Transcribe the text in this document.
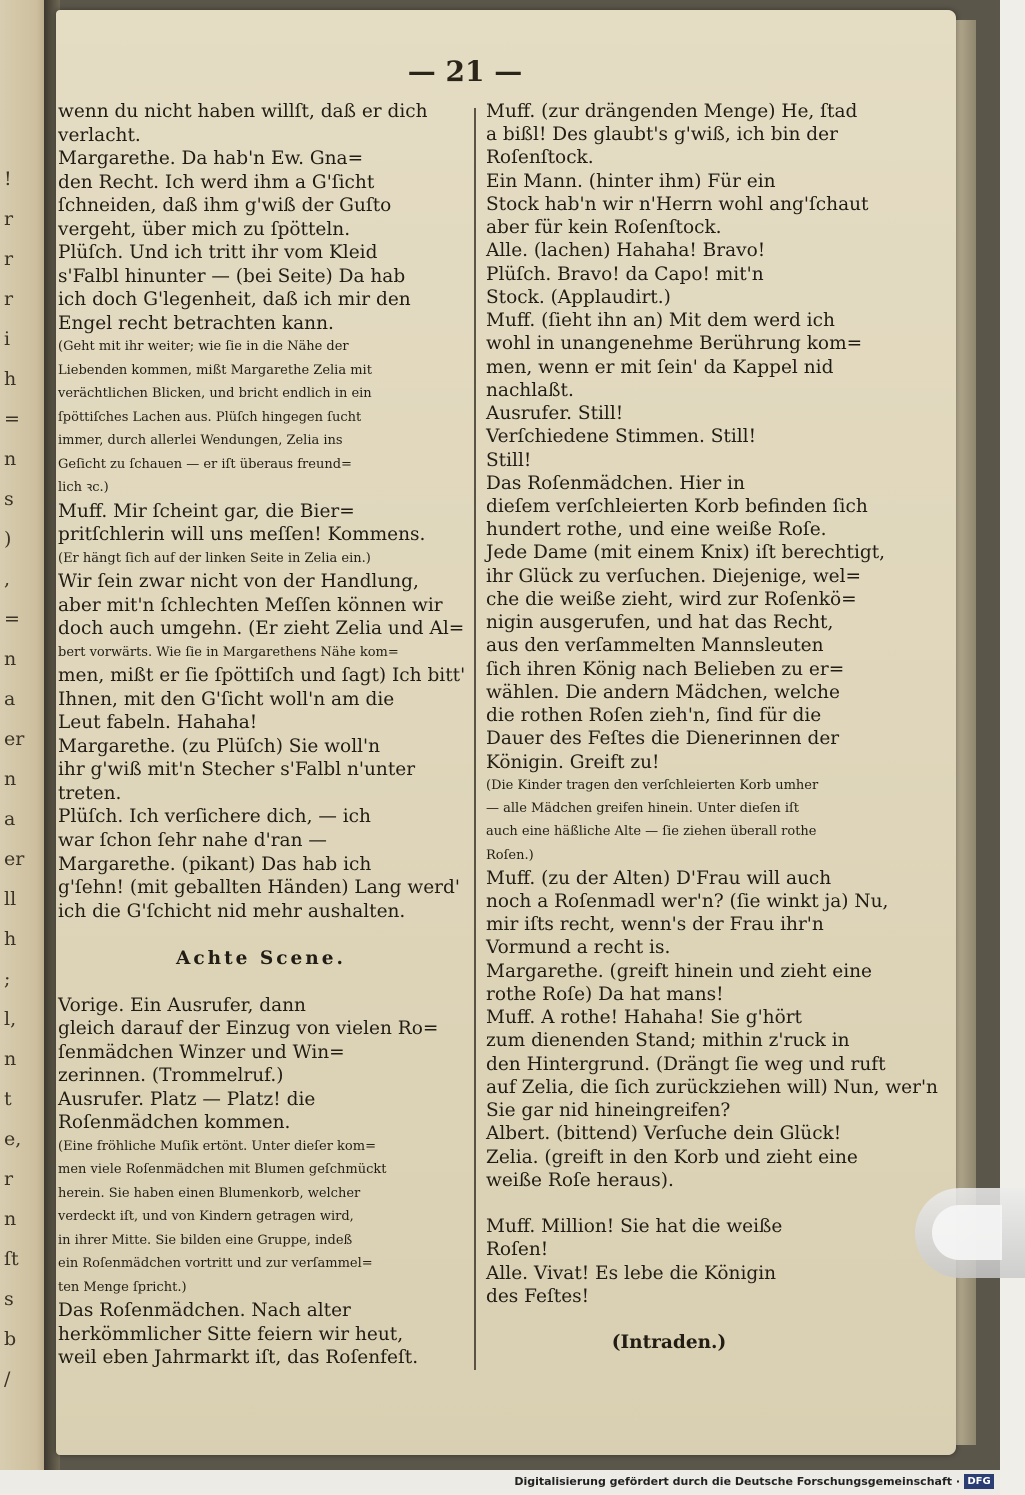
!
r
r
r
i
h
=
n
s
)
,
=
n
a
er
n
a
er
ll
h
;
l,
n
t
e,
r
n
ſt
s
b
/
— 21 —
wenn du nicht haben willſt, daß er dich
verlacht.
Margarethe. Da hab'n Ew. Gna=
den Recht. Ich werd ihm a G'ſicht
ſchneiden, daß ihm g'wiß der Guſto
vergeht, über mich zu ſpötteln.
Plüſch. Und ich tritt ihr vom Kleid
s'Falbl hinunter — (bei Seite) Da hab
ich doch G'legenheit, daß ich mir den
Engel recht betrachten kann.
(Geht mit ihr weiter; wie ſie in die Nähe der
Liebenden kommen, mißt Margarethe Zelia mit
verächtlichen Blicken, und bricht endlich in ein
ſpöttiſches Lachen aus. Plüſch hingegen ſucht
immer, durch allerlei Wendungen, Zelia ins
Geſicht zu ſchauen — er iſt überaus freund=
lich ꝛc.)
Muff. Mir ſcheint gar, die Bier=
pritſchlerin will uns meſſen! Kommens.
(Er hängt ſich auf der linken Seite in Zelia ein.)
Wir ſein zwar nicht von der Handlung,
aber mit'n ſchlechten Meſſen können wir
doch auch umgehn. (Er zieht Zelia und Al=
bert vorwärts. Wie ſie in Margarethens Nähe kom=
men, mißt er ſie ſpöttiſch und ſagt) Ich bitt'
Ihnen, mit den G'ſicht woll'n am die
Leut fabeln. Hahaha!
Margarethe. (zu Plüſch) Sie woll'n
ihr g'wiß mit'n Stecher s'Falbl n'unter
treten.
Plüſch. Ich verſichere dich, — ich
war ſchon ſehr nahe d'ran —
Margarethe. (pikant) Das hab ich
g'ſehn! (mit geballten Händen) Lang werd'
ich die G'ſchicht nid mehr aushalten.
Achte Scene.
Vorige. Ein Ausrufer, dann
gleich darauf der Einzug von vielen Ro=
ſenmädchen Winzer und Win=
zerinnen. (Trommelruf.)
Ausrufer. Platz — Platz! die
Roſenmädchen kommen.
(Eine fröhliche Muſik ertönt. Unter dieſer kom=
men viele Roſenmädchen mit Blumen geſchmückt
herein. Sie haben einen Blumenkorb, welcher
verdeckt iſt, und von Kindern getragen wird,
in ihrer Mitte. Sie bilden eine Gruppe, indeß
ein Roſenmädchen vortritt und zur verſammel=
ten Menge ſpricht.)
Das Roſenmädchen. Nach alter
herkömmlicher Sitte feiern wir heut,
weil eben Jahrmarkt iſt, das Roſenfeſt.
Muff. (zur drängenden Menge) He, ſtad
a bißl! Des glaubt's g'wiß, ich bin der
Roſenſtock.
Ein Mann. (hinter ihm) Für ein
Stock hab'n wir n'Herrn wohl ang'ſchaut
aber für kein Roſenſtock.
Alle. (lachen) Hahaha! Bravo!
Plüſch. Bravo! da Capo! mit'n
Stock. (Applaudirt.)
Muff. (ſieht ihn an) Mit dem werd ich
wohl in unangenehme Berührung kom=
men, wenn er mit ſein' da Kappel nid
nachlaßt.
Ausrufer. Still!
Verſchiedene Stimmen. Still!
Still!
Das Roſenmädchen. Hier in
dieſem verſchleierten Korb befinden ſich
hundert rothe, und eine weiße Roſe.
Jede Dame (mit einem Knix) iſt berechtigt,
ihr Glück zu verſuchen. Diejenige, wel=
che die weiße zieht, wird zur Roſenkö=
nigin ausgerufen, und hat das Recht,
aus den verſammelten Mannsleuten
ſich ihren König nach Belieben zu er=
wählen. Die andern Mädchen, welche
die rothen Roſen zieh'n, ſind für die
Dauer des Feſtes die Dienerinnen der
Königin. Greift zu!
(Die Kinder tragen den verſchleierten Korb umher
— alle Mädchen greifen hinein. Unter dieſen iſt
auch eine häßliche Alte — ſie ziehen überall rothe
Roſen.)
Muff. (zu der Alten) D'Frau will auch
noch a Roſenmadl wer'n? (ſie winkt ja) Nu,
mir iſts recht, wenn's der Frau ihr'n
Vormund a recht is.
Margarethe. (greift hinein und zieht eine
rothe Roſe) Da hat mans!
Muff. A rothe! Hahaha! Sie g'hört
zum dienenden Stand; mithin z'ruck in
den Hintergrund. (Drängt ſie weg und ruft
auf Zelia, die ſich zurückziehen will) Nun, wer'n
Sie gar nid hineingreifen?
Albert. (bittend) Verſuche dein Glück!
Zelia. (greift in den Korb und zieht eine
weiße Roſe heraus).
Muff. Million! Sie hat die weiße
Roſen!
Alle. Vivat! Es lebe die Königin
des Feſtes!
(Intraden.)
Digitalisierung gefördert durch die Deutsche Forschungsgemeinschaft · DFG
